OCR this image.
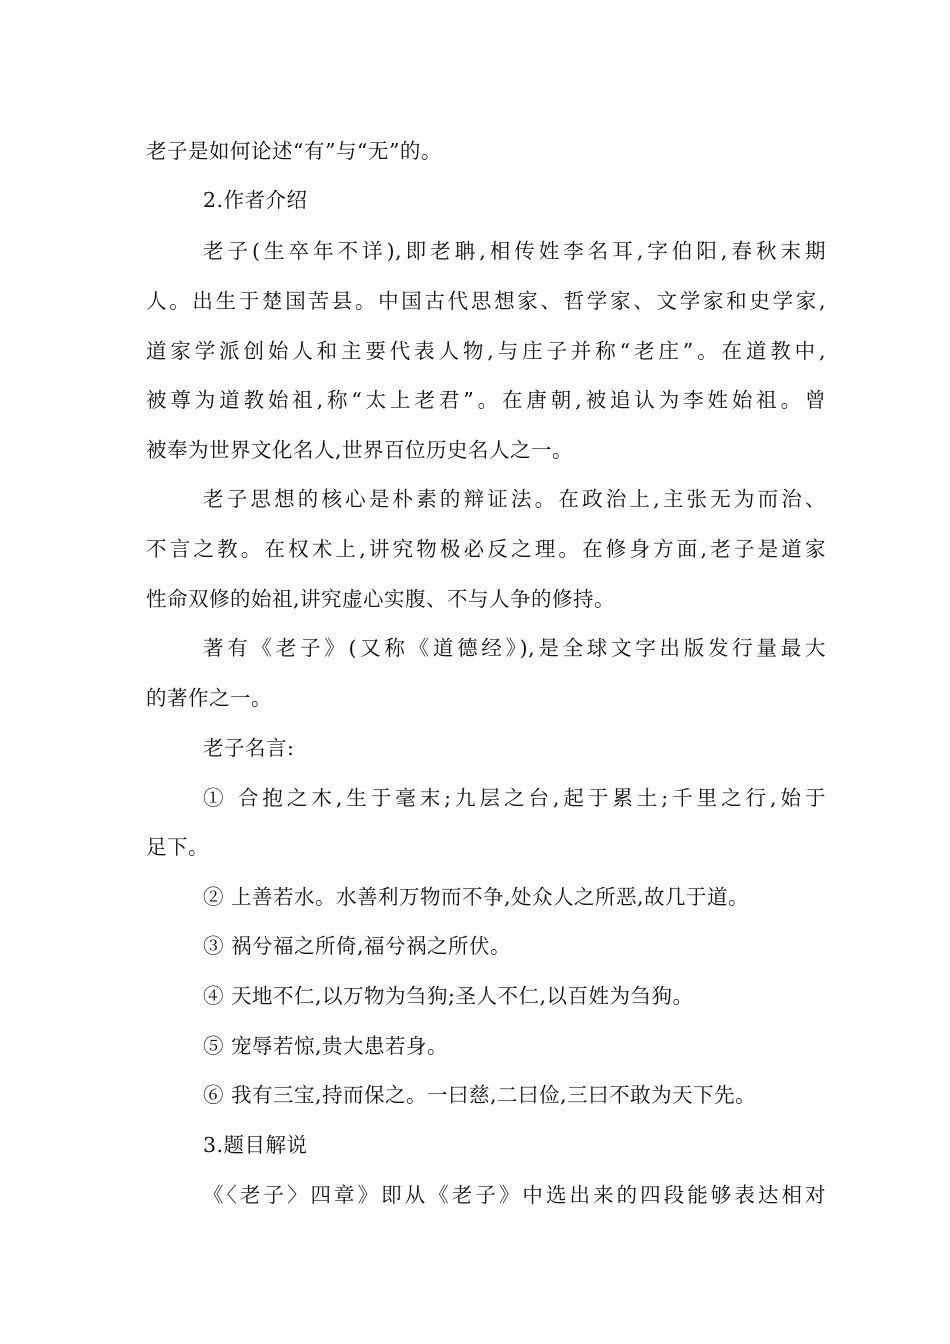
老子是如何论述“有”与“无”的。
2.作者介绍
老子(生卒年不详),即老聃,相传姓李名耳,字伯阳,春秋末期
人。出生于楚国苦县。中国古代思想家、哲学家、文学家和史学家,
道家学派创始人和主要代表人物,与庄子并称“老庄”。在道教中,
被尊为道教始祖,称“太上老君”。在唐朝,被追认为李姓始祖。曾
被奉为世界文化名人,世界百位历史名人之一。
老子思想的核心是朴素的辩证法。在政治上,主张无为而治、
不言之教。在权术上,讲究物极必反之理。在修身方面,老子是道家
性命双修的始祖,讲究虚心实腹、不与人争的修持。
著有《老子》(又称《道德经》),是全球文字出版发行量最大
的著作之一。
老子名言:
① 合抱之木,生于毫末;九层之台,起于累土;千里之行,始于
足下。
② 上善若水。水善利万物而不争,处众人之所恶,故几于道。
③ 祸兮福之所倚,福兮祸之所伏。
④ 天地不仁,以万物为刍狗;圣人不仁,以百姓为刍狗。
⑤ 宠辱若惊,贵大患若身。
⑥ 我有三宝,持而保之。一曰慈,二曰俭,三曰不敢为天下先。
3.题目解说
《〈老子〉四章》即从《老子》中选出来的四段能够表达相对
